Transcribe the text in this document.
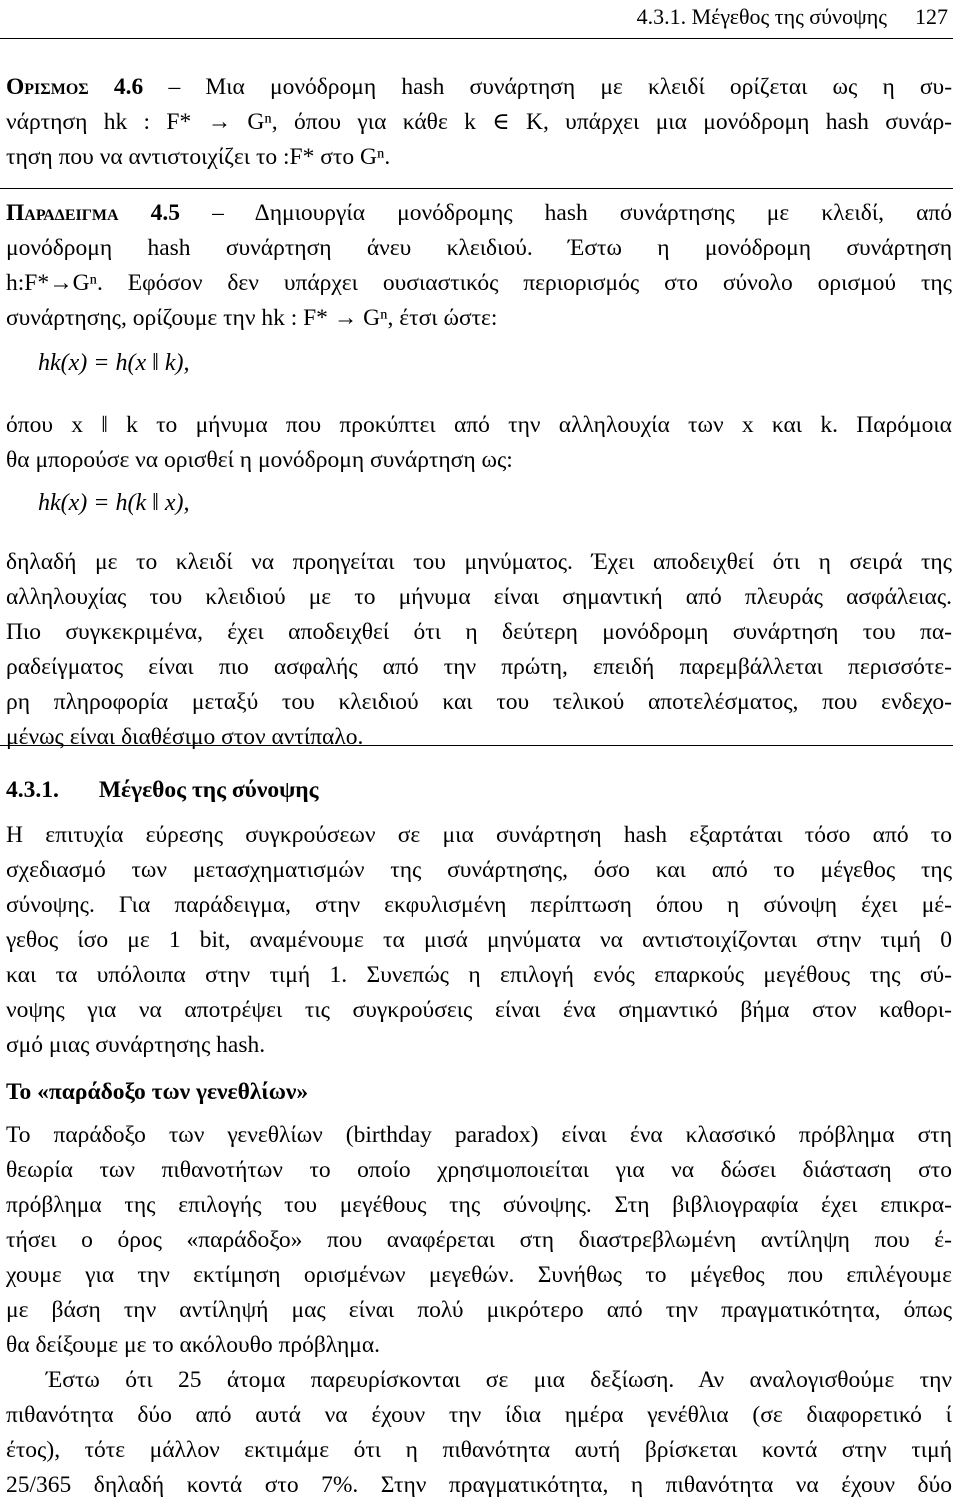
4.3.1. Μέγεθος της σύνοψης 127
Ορισμος 4.6 – Μια μονόδρομη hash συνάρτηση με κλειδί ορίζεται ως η συ-
νάρτηση hk : F* → Gⁿ, όπου για κάθε k ∈ K, υπάρχει μια μονόδρομη hash συνάρ-
τηση που να αντιστοιχίζει το :F* στο Gⁿ.
Παραδειγμα 4.5 – Δημιουργία μονόδρομης hash συνάρτησης με κλειδί, από
μονόδρομη hash συνάρτηση άνευ κλειδιού. Έστω η μονόδρομη συνάρτηση
h:F*→Gⁿ. Εφόσον δεν υπάρχει ουσιαστικός περιορισμός στο σύνολο ορισμού της
συνάρτησης, ορίζουμε την hk : F* → Gⁿ, έτσι ώστε:
hk(x) = h(x ‖ k),
όπου x ‖ k το μήνυμα που προκύπτει από την αλληλουχία των x και k. Παρόμοια
θα μπορούσε να ορισθεί η μονόδρομη συνάρτηση ως:
hk(x) = h(k ‖ x),
δηλαδή με το κλειδί να προηγείται του μηνύματος. Έχει αποδειχθεί ότι η σειρά της
αλληλουχίας του κλειδιού με το μήνυμα είναι σημαντική από πλευράς ασφάλειας.
Πιο συγκεκριμένα, έχει αποδειχθεί ότι η δεύτερη μονόδρομη συνάρτηση του πα-
ραδείγματος είναι πιο ασφαλής από την πρώτη, επειδή παρεμβάλλεται περισσότε-
ρη πληροφορία μεταξύ του κλειδιού και του τελικού αποτελέσματος, που ενδεχο-
μένως είναι διαθέσιμο στον αντίπαλο.
4.3.1. Μέγεθος της σύνοψης
Η επιτυχία εύρεσης συγκρούσεων σε μια συνάρτηση hash εξαρτάται τόσο από το
σχεδιασμό των μετασχηματισμών της συνάρτησης, όσο και από το μέγεθος της
σύνοψης. Για παράδειγμα, στην εκφυλισμένη περίπτωση όπου η σύνοψη έχει μέ-
γεθος ίσο με 1 bit, αναμένουμε τα μισά μηνύματα να αντιστοιχίζονται στην τιμή 0
και τα υπόλοιπα στην τιμή 1. Συνεπώς η επιλογή ενός επαρκούς μεγέθους της σύ-
νοψης για να αποτρέψει τις συγκρούσεις είναι ένα σημαντικό βήμα στον καθορι-
σμό μιας συνάρτησης hash.
Το «παράδοξο των γενεθλίων»
Το παράδοξο των γενεθλίων (birthday paradox) είναι ένα κλασσικό πρόβλημα στη
θεωρία των πιθανοτήτων το οποίο χρησιμοποιείται για να δώσει διάσταση στο
πρόβλημα της επιλογής του μεγέθους της σύνοψης. Στη βιβλιογραφία έχει επικρα-
τήσει ο όρος «παράδοξο» που αναφέρεται στη διαστρεβλωμένη αντίληψη που έ-
χουμε για την εκτίμηση ορισμένων μεγεθών. Συνήθως το μέγεθος που επιλέγουμε
με βάση την αντίληψή μας είναι πολύ μικρότερο από την πραγματικότητα, όπως
θα δείξουμε με το ακόλουθο πρόβλημα.
Έστω ότι 25 άτομα παρευρίσκονται σε μια δεξίωση. Αν αναλογισθούμε την
πιθανότητα δύο από αυτά να έχουν την ίδια ημέρα γενέθλια (σε διαφορετικό ί
έτος), τότε μάλλον εκτιμάμε ότι η πιθανότητα αυτή βρίσκεται κοντά στην τιμή
25/365 δηλαδή κοντά στο 7%. Στην πραγματικότητα, η πιθανότητα να έχουν δύο
